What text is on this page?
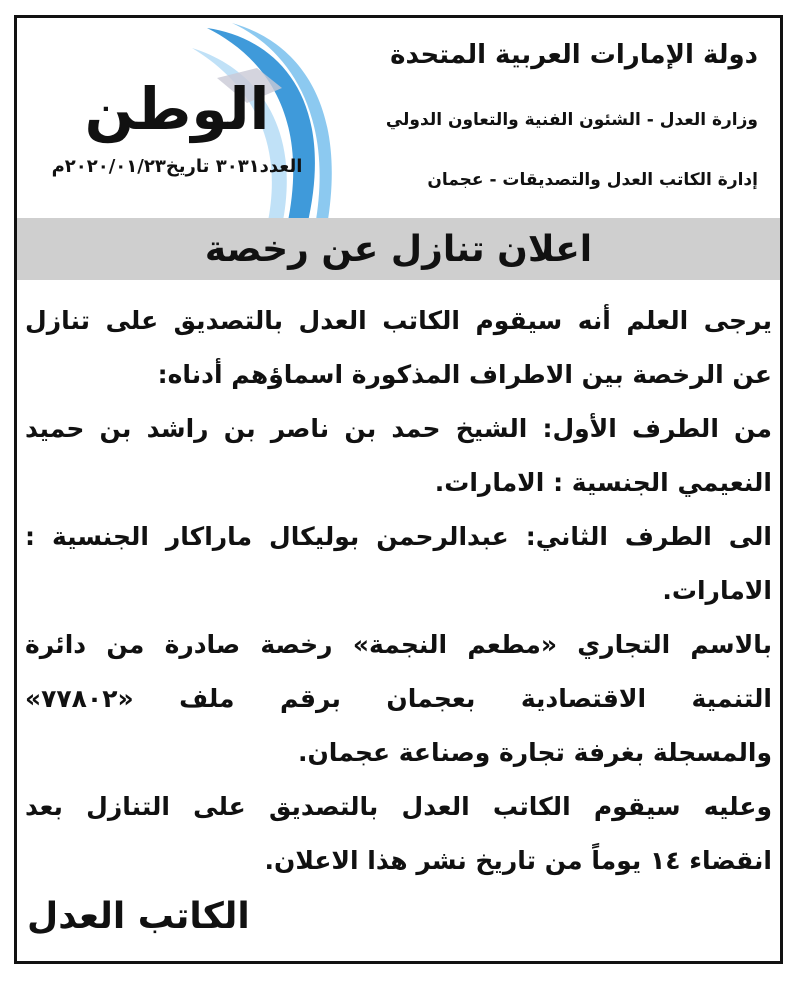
الوطن
العدد٣٠٣١ تاريخ٢٠٢٠/٠١/٢٣م
دولة الإمارات العربية المتحدة
وزارة العدل - الشئون الفنية والتعاون الدولي
إدارة الكاتب العدل والتصديقات - عجمان
اعلان تنازل عن رخصة
يرجى العلم أنه سيقوم الكاتب العدل بالتصديق على تنازل
عن الرخصة بين الاطراف المذكورة اسماؤهم أدناه:
من الطرف الأول: الشيخ حمد بن ناصر بن راشد بن حميد
النعيمي الجنسية : الامارات.
الى الطرف الثاني: عبدالرحمن بوليكال ماراكار الجنسية :
الامارات.
بالاسم التجاري «مطعم النجمة» رخصة صادرة من دائرة
التنمية الاقتصادية بعجمان برقم ملف «٧٧٨٠٢»
والمسجلة بغرفة تجارة وصناعة عجمان.
وعليه سيقوم الكاتب العدل بالتصديق على التنازل بعد
انقضاء ١٤ يوماً من تاريخ نشر هذا الاعلان.
الكاتب العدل
